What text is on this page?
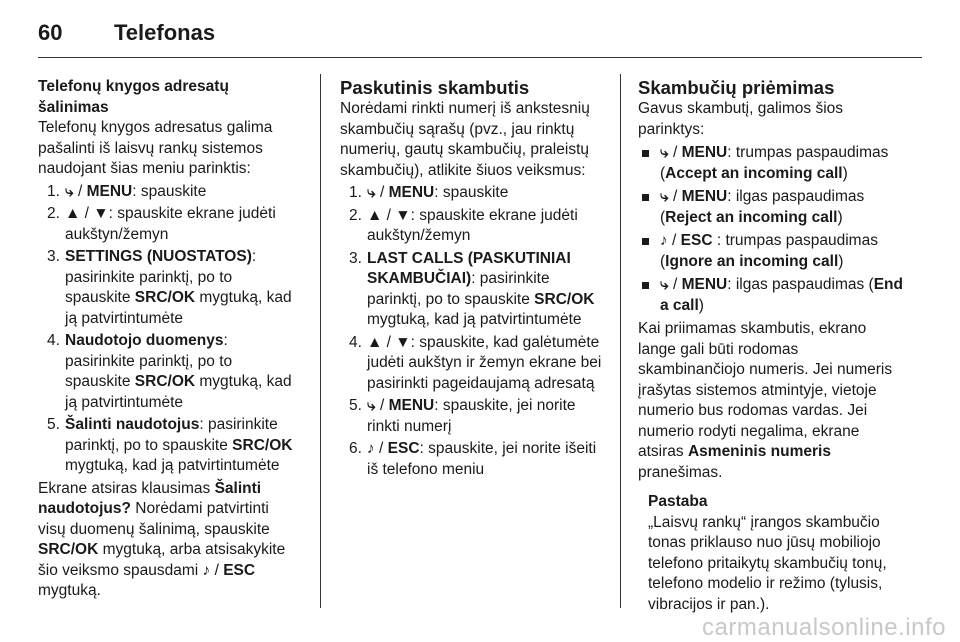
60 Telefonas
Telefonų knygos adresatų šalinimas

Telefonų knygos adresatus galima pašalinti iš laisvų rankų sistemos naudojant šias meniu parinktis:

1. ⤷ / MENU: spauskite
2. ▲ / ▼: spauskite ekrane judėti aukštyn/žemyn
3. SETTINGS (NUOSTATOS): pasirinkite parinktį, po to spauskite SRC/OK mygtuką, kad ją patvirtintumėte
4. Naudotojo duomenys: pasirinkite parinktį, po to spauskite SRC/OK mygtuką, kad ją patvirtintumėte
5. Šalinti naudotojus: pasirinkite parinktį, po to spauskite SRC/OK mygtuką, kad ją patvirtintumėte

Ekrane atsiras klausimas Šalinti naudotojus? Norėdami patvirtinti visų duomenų šalinimą, spauskite SRC/OK mygtuką, arba atsisakykite šio veiksmo spausdami ♪ / ESC mygtuką.

Paskutinis skambutis

Norėdami rinkti numerį iš ankstesnių skambučių sąrašų (pvz., jau rinktų numerių, gautų skambučių, praleistų skambučių), atlikite šiuos veiksmus:

1. ⤷ / MENU: spauskite
2. ▲ / ▼: spauskite ekrane judėti aukštyn/žemyn
3. LAST CALLS (PASKUTINIAI SKAMBUČIAI): pasirinkite parinktį, po to spauskite SRC/OK mygtuką, kad ją patvirtintumėte
4. ▲ / ▼: spauskite, kad galėtumėte judėti aukštyn ir žemyn ekrane bei pasirinkti pageidaujamą adresatą
5. ⤷ / MENU: spauskite, jei norite rinkti numerį
6. ♪ / ESC: spauskite, jei norite išeiti iš telefono meniu
Skambučių priėmimas

Gavus skambutį, galimos šios parinktys:

⤷ / MENU: trumpas paspaudimas (Accept an incoming call)
⤷ / MENU: ilgas paspaudimas (Reject an incoming call)
♪ / ESC : trumpas paspaudimas (Ignore an incoming call)
⤷ / MENU: ilgas paspaudimas (End a call)

Kai priimamas skambutis, ekrano lange gali būti rodomas skambinančiojo numeris. Jei numeris įrašytas sistemos atmintyje, vietoje numerio bus rodomas vardas. Jei numerio rodyti negalima, ekrane atsiras Asmeninis numeris pranešimas.

Pastaba

„Laisvų rankų“ įrangos skambučio tonas priklauso nuo jūsų mobiliojo telefono pritaikytų skambučių tonų, telefono modelio ir režimo (tylusis, vibracijos ir pan.).

carmanualsonline.info
